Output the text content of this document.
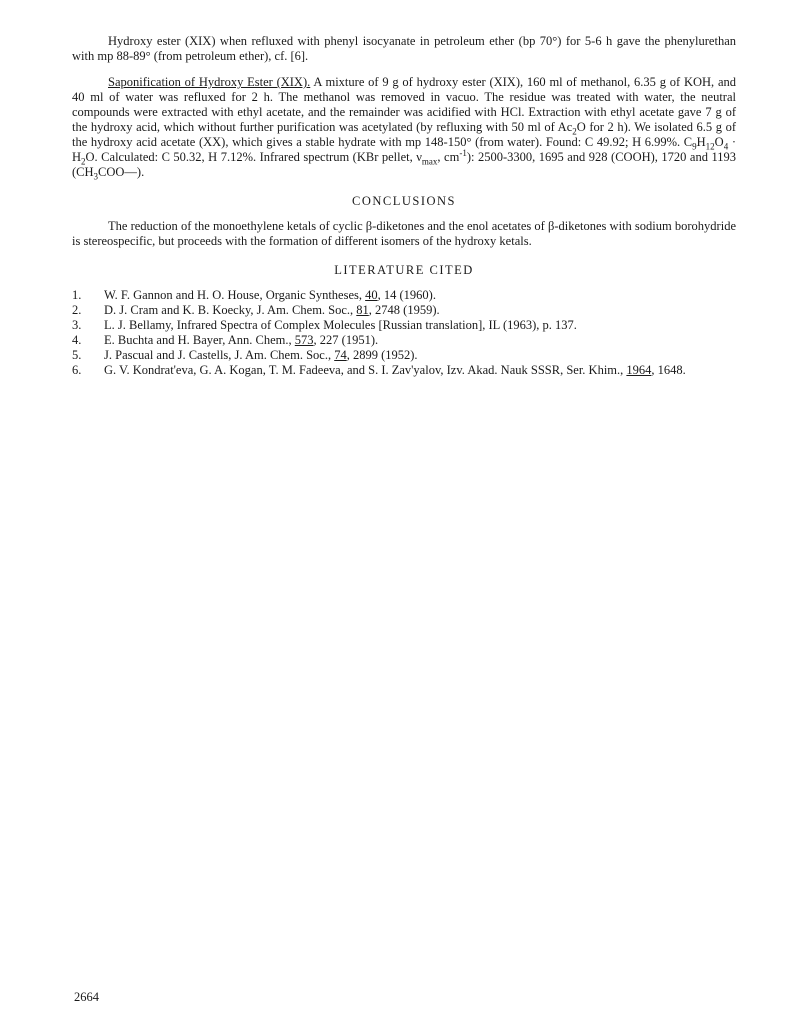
Hydroxy ester (XIX) when refluxed with phenyl isocyanate in petroleum ether (bp 70°) for 5-6 h gave the phenylurethan with mp 88-89° (from petroleum ether), cf. [6].

Saponification of Hydroxy Ester (XIX). A mixture of 9 g of hydroxy ester (XIX), 160 ml of methanol, 6.35 g of KOH, and 40 ml of water was refluxed for 2 h. The methanol was removed in vacuo. The residue was treated with water, the neutral compounds were extracted with ethyl acetate, and the remainder was acidified with HCl. Extraction with ethyl acetate gave 7 g of the hydroxy acid, which without further purification was acetylated (by refluxing with 50 ml of $Ac_2O$ for 2 h). We isolated 6.5 g of the hydroxy acid acetate (XX), which gives a stable hydrate with mp 148-150° (from water). Found: C 49.92; H 6.99%. $C_9H_{12}O_4 \cdot H_2O$. Calculated: C 50.32, H 7.12%. Infrared spectrum (KBr pellet, $\nu_{max}$, $cm^{-1}$): 2500-3300, 1695 and 928 (COOH), 1720 and 1193 $(CH_3COO—)$.

CONCLUSIONS

The reduction of the monoethylene ketals of cyclic β-diketones and the enol acetates of β-diketones with sodium borohydride is stereospecific, but proceeds with the formation of different isomers of the hydroxy ketals.

LITERATURE CITED
1. W. F. Gannon and H. O. House, Organic Syntheses, 40, 14 (1960).
2. D. J. Cram and K. B. Koecky, J. Am. Chem. Soc., 81, 2748 (1959).
3. L. J. Bellamy, Infrared Spectra of Complex Molecules [Russian translation], IL (1963), p. 137.
4. E. Buchta and H. Bayer, Ann. Chem., 573, 227 (1951).
5. J. Pascual and J. Castells, J. Am. Chem. Soc., 74, 2899 (1952).
6. G. V. Kondrat'eva, G. A. Kogan, T. M. Fadeeva, and S. I. Zav'yalov, Izv. Akad. Nauk SSSR, Ser. Khim., 1964, 1648.
2664
